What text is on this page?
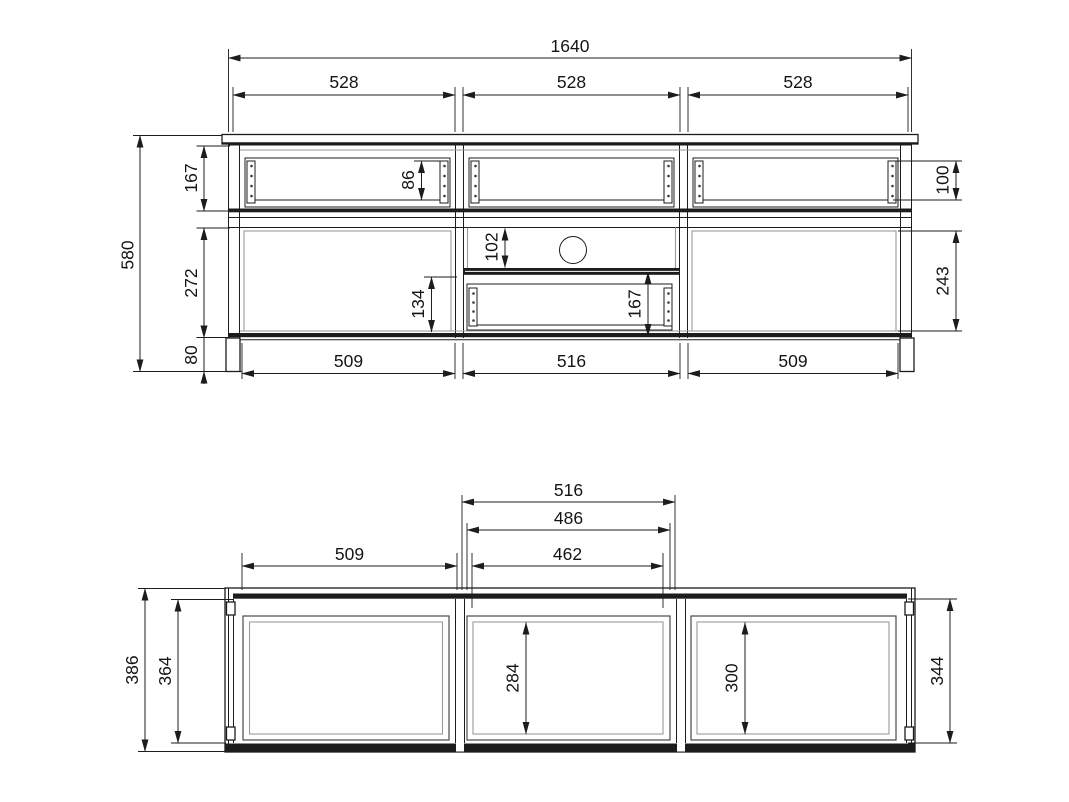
1640
528	528	528
580
167
272
80
86
102
134	167
100
243
509	516	509
516
486
462
509
386 364	284	300	344
